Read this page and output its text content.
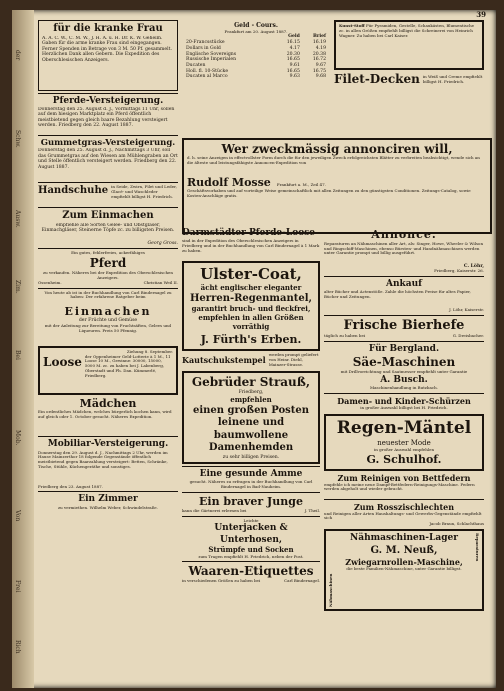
der
Schw.
Ausw.
Zim.
Bei
Mob.
Von
Frei
Rich
39
für die kranke Frau
A. A. C. W., C. M. W., J. H. A. u. H. Dr. K. W. Geheim. Gaben für die arme kranke Frau sind eingegangen. Ferner Spenden im Betrage von 3 M. 50 Pf. gesammelt. Herzlichen Dank allen Gebern. Die Expedition des Oberschlesischen Anzeigers.
Pferde-Versteigerung.
Donnerstag den 25. August d. J., Vormittags 11 Uhr, sollen auf dem hiesigen Marktplatz ein Pferd öffentlich meistbietend gegen gleich baare Bezahlung versteigert werden. Friedberg den 22. August 1887.
Gummetgras-Versteigerung.
Donnerstag den 25. August d. J., Nachmittags 3 Uhr, soll das Grummetgras auf den Wiesen am Mühlengraben an Ort und Stelle öffentlich versteigert werden. Friedberg den 22. August 1887.
Handschuhe in Seide, Zwirn, Filet und Leder, Glacé- und Waschleder empfiehlt billigst H. Friedrich.
Zum Einmachen
empfiehle alle Sorten Gelée- und Obstgläser, Einmachgläser, Steinerne Töpfe zc. zu billigsten Preisen.
Georg Gross.
Ein gutes, fehlerfreies, ackerfähiges
Pferd
zu verkaufen. Näheres bei der Expedition des Oberschlesischen Anzeigers.
Ossenheim.	Christian Weil II.
Von heute ab ist in der Buchhandlung von Carl Bindernagel zu haben: Der erfahrene Ratgeber beim
Einmachen
der Früchte und Gemüse
mit der Anleitung zur Bereitung von Fruchtsäften, Gelees und Liqueuren. Preis 50 Pfennig.
Ziehung 8. September.
Loose der Oppenheimer Geld-Lotterie à 1 M., 11 Loose 10 M., Gewinne: 30000, 15000, 5000 M. zc. zu haben bei J. Labenberg, Oberstadt und Ph. Dan. Kümmerlé, Friedberg.
Mädchen
Ein ordentliches Mädchen, welches bürgerlich kochen kann, wird auf gleich oder 1. October gesucht. Näheres Expedition.
Mobiliar-Versteigerung.
Donnerstag den 29. August d. J., Nachmittags 2 Uhr, werden im Hause Mainzerthor 18 folgende Gegenstände öffentlich meistbietend gegen Baarzahlung versteigert: Betten, Schränke, Tische, Stühle, Küchengeräthe und sonstiges.
Friedberg den 23. August 1887.
Ein Zimmer
zu vermiethen. Wilhelm Weber, Schwindelstraße.
Geld - Cours.
Frankfurt am 20. August 1887.
	Geld	Brief
20-Francsstücke	16.15	16.19
Dollars in Gold	4.17	4.19
Englische Sovereigns	20.30	20.38
Russische Imperialen	16.65	16.72
Ducaten	9.61	9.67
Holl. fl. 10-Stücke	16.65	16.75
Ducaten al Marco	9.63	9.68
Wer zweckmässig annonciren will,
d. h. seine Anzeigen in effectvollster Form durch die für den jeweiligen Zweck erfolgreichsten Blätter zu verbreiten beabsichtigt, wende sich an die älteste und leistungsfähigste Annoncen-Expedition von
Rudolf Mosse Frankfurt a. M., Zeil 47.
Geschäftsvorhaben und auf vorteilige Weise gemeinschaftlich mit allen Zeitungen zu den günstigsten Conditionen. Zeitungs-Catalog, sowie Kosten-Anschläge gratis.
Darmstädter Pferde-Loose
sind in der Expedition des Oberschlesischen Anzeigers in Friedberg und in der Buchhandlung von Carl Bindernagel à 1 Mark zu haben.
Ulster-Coat,
ächt englischer eleganter
Herren-Regenmantel,
garantirt bruch- und fleckfrei, empfehlen in allen Größen vorräthig
J. Fürth's Erben.
Kautschukstempel
werden prompt geliefert von Heinr. Diehl, Mainzer-Strasse.
Gebrüder Strauß,
Friedberg,
empfehlen
einen großen Posten
leinene und baumwollene
Damenhemden
zu sehr billigen Preisen.
Eine gesunde Amme
gesucht. Näheres zu erfragen in der Buchhandlung von Carl Bindernagel in Bad-Nauheim.
Ein braver Junge
kann die Gärtnerei erlernen bei	J. Theil.
Leichte
Unterjacken & Unterhosen,
Strümpfe und Socken
zum Tragen empfiehlt H. Friedrich, neben der Post.
Waaren-Etiquettes
in verschiedenen Größen zu haben bei	Carl Bindernagel.
Kunst-Stoff Für Pyramiden, Gestelle, Schaukästen, Blumentische zc. in allen Größen empfiehlt billigst die Schreinerei von Heinrich Wagner. Zu haben bei Carl Kaiser.
Filet-Decken in Weiß und Creme empfiehlt billigst H. Friedrich.
Annonce.
Reparaturen an Nähmaschinen aller Art, als: Singer, Howe, Wheeler & Wilson und Ringschiff-Maschinen, ebenso Bürsten- und Handnähmaschinen werden unter Garantie prompt und billig ausgeführt.
C. Löhr,
Friedberg, Kaiserstr. 26.
Ankauf
alter Bücher und Actenstöße. Zahle die höchsten Preise für altes Papier, Bücher und Zeitungen.
J. Löhr, Kaiserstr.
Frische Bierhefe
täglich zu haben bei	G. Dreisbacher.
Für Bergland.
Säe-Maschinen
mit Drillvorrichtung und Saatmesser empfiehlt unter Garantie
A. Busch.
Maschinenhandlung in Butzbach.
Damen- und Kinder-Schürzen
in großer Auswahl billigst bei H. Friedrich.
Regen-Mäntel
neuester Mode
in großer Auswahl empfehlen
G. Schulhof.
Zum Reinigen von Bettfedern
empfehle ich meine neue Dampf-Bettfedern-Reinigungs-Maschine. Federn werden abgeholt und wieder gebracht.
Zum Rosszischlechten
und Reinigen aller Arten Haushaltungs- und Gewerbs-Gegenstände empfiehlt sich
Jacob Braun, Schlachthaus
Nähmaschinen
Nähmaschinen-Lager
G. M. Neuß,
Zwiegarnrollen-Maschine,
die beste Familien-Nähmaschine, unter Garantie billigst.
Reparaturen
